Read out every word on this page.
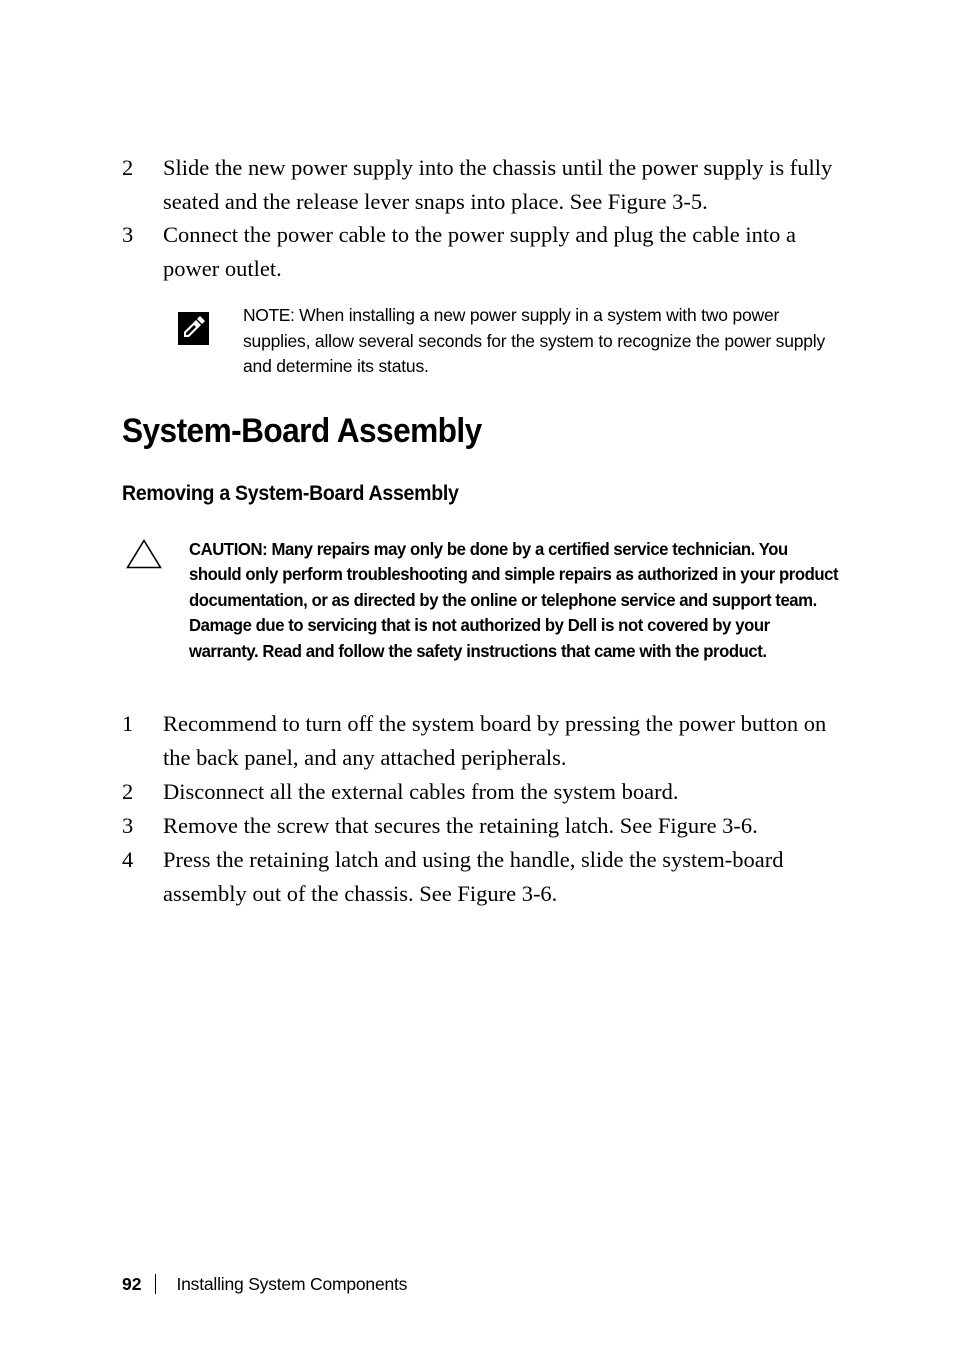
2 Slide the new power supply into the chassis until the power supply is fully seated and the release lever snaps into place. See Figure 3-5.
3 Connect the power cable to the power supply and plug the cable into a power outlet.
NOTE: When installing a new power supply in a system with two power supplies, allow several seconds for the system to recognize the power supply and determine its status.
System-Board Assembly
Removing a System-Board Assembly
CAUTION: Many repairs may only be done by a certified service technician. You should only perform troubleshooting and simple repairs as authorized in your product documentation, or as directed by the online or telephone service and support team. Damage due to servicing that is not authorized by Dell is not covered by your warranty. Read and follow the safety instructions that came with the product.
1 Recommend to turn off the system board by pressing the power button on the back panel, and any attached peripherals.
2 Disconnect all the external cables from the system board.
3 Remove the screw that secures the retaining latch. See Figure 3-6.
4 Press the retaining latch and using the handle, slide the system-board assembly out of the chassis. See Figure 3-6.
92 Installing System Components
